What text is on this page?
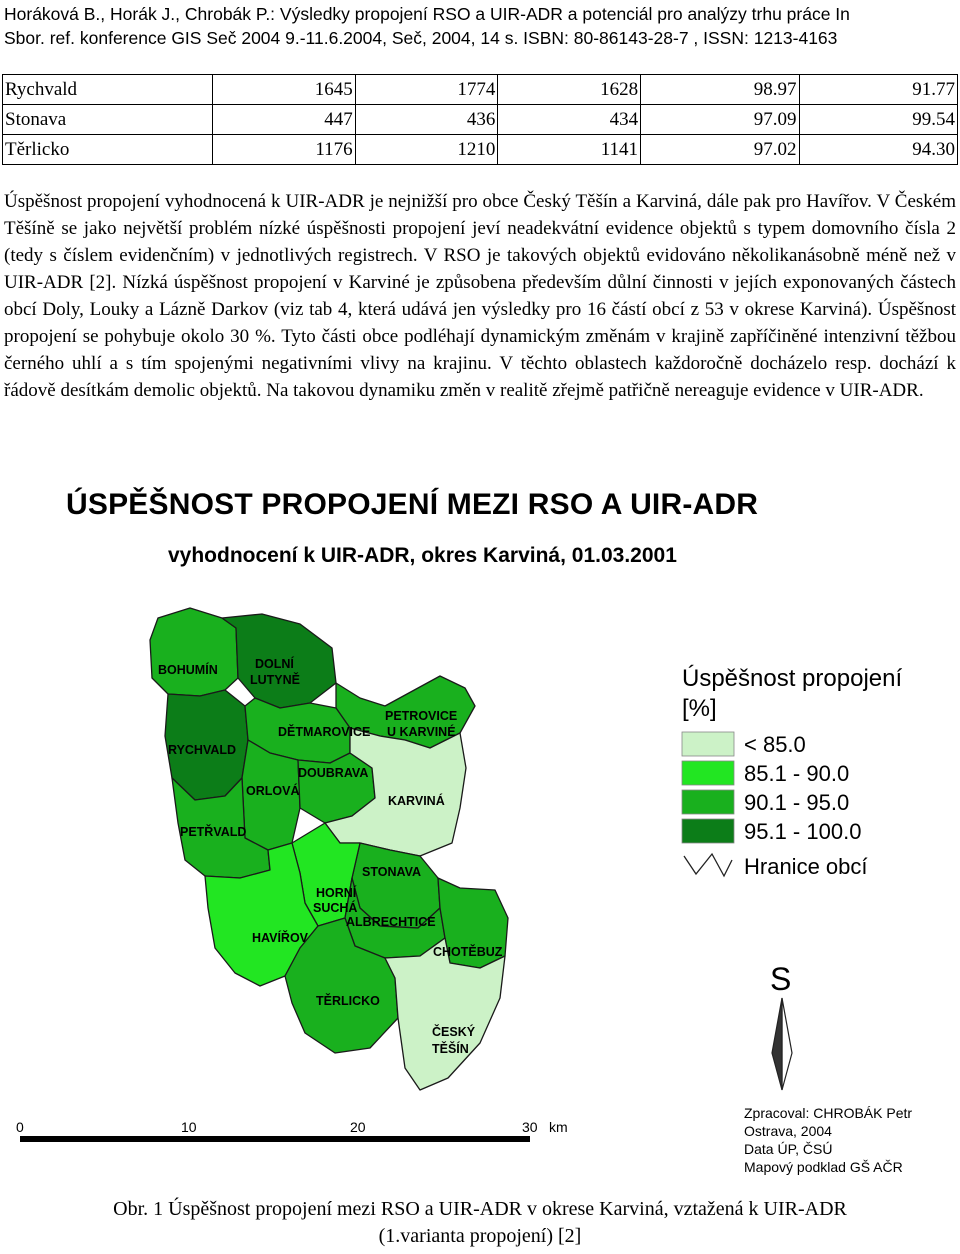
Horáková B., Horák J., Chrobák P.: Výsledky propojení RSO a UIR-ADR a potenciál pro analýzy trhu práce In
Sbor. ref. konference GIS Seč 2004 9.-11.6.2004, Seč, 2004, 14 s. ISBN: 80-86143-28-7 , ISSN: 1213-4163
Rychvald	1645	1774	1628	98.97	91.77
Stonava	447	436	434	97.09	99.54
Těrlicko	1176	1210	1141	97.02	94.30

Úspěšnost propojení vyhodnocená k UIR-ADR je nejnižší pro obce Český Těšín a Karviná, dále pak pro Havířov. V Českém Těšíně se jako největší problém nízké úspěšnosti propojení jeví neadekvátní evidence objektů s typem domovního čísla 2 (tedy s číslem evidenčním) v jednotlivých registrech. V RSO je takových objektů evidováno několikanásobně méně než v UIR-ADR [2]. Nízká úspěšnost propojení v Karviné je způsobena především důlní činnosti v jejích exponovaných částech obcí Doly, Louky a Lázně Darkov (viz tab 4, která udává jen výsledky pro 16 částí obcí z 53 v okrese Karviná). Úspěšnost propojení se pohybuje okolo 30 %. Tyto části obce podléhají dynamickým změnám v krajině zapříčiněné intenzivní těžbou černého uhlí a s tím spojenými negativními vlivy na krajinu. V těchto oblastech každoročně docházelo resp. dochází k řádově desítkám demolic objektů. Na takovou dynamiku změn v realitě zřejmě patřičně nereaguje evidence v UIR-ADR.

ÚSPĚŠNOST PROPOJENÍ MEZI RSO A UIR-ADR
vyhodnocení k UIR-ADR, okres Karviná, 01.03.2001
BOHUMÍN	DOLNÍ
LUTYNĚ
PETROVICE
U KARVINÉ
RYCHVALD
DĚTMAROVICE
DOUBRAVA
ORLOVÁ
KARVINÁ
PETŘVALD
STONAVA
HORNÍ
SUCHÁ
ALBRECHTICE
HAVÍŘOV
CHOTĚBUZ
TĚRLICKO
ČESKÝ
TĚŠÍN
Úspěšnost propojení
[%]
< 85.0
85.1 - 90.0
90.1 - 95.0
95.1 - 100.0
Hranice obcí
S
0	10	20	30 km
Zpracoval: CHROBÁK Petr
Ostrava, 2004
Data ÚP, ČSÚ
Mapový podklad GŠ AČR
Obr. 1 Úspěšnost propojení mezi RSO a UIR-ADR v okrese Karviná, vztažená k UIR-ADR
(1.varianta propojení) [2]
